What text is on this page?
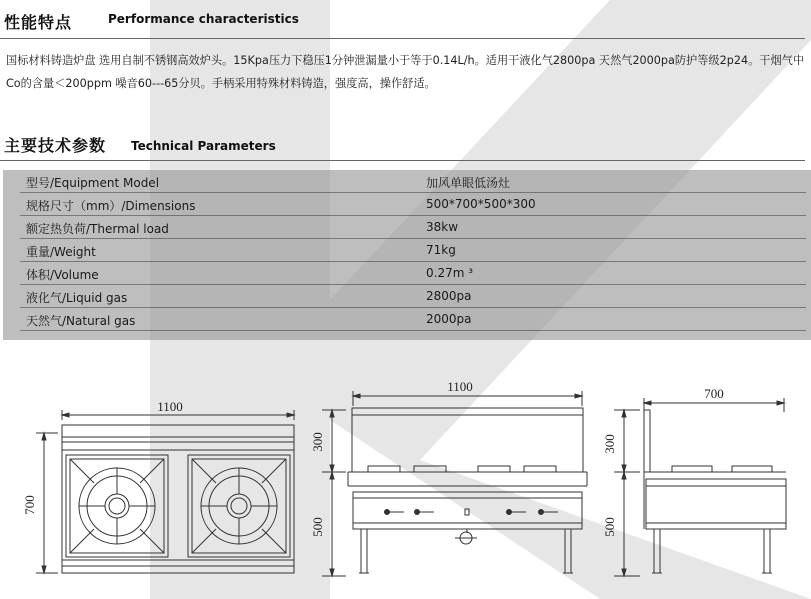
性能特点	Performance characteristics
国标材料铸造炉盘 选用自制不锈钢高效炉头。15Kpa压力下稳压1分钟泄漏量小于等于0.14L/h。适用干液化气2800pa 天然气2000pa防护等级2p24。干烟气中Co的含量＜200ppm 噪音60---65分贝。手柄采用特殊材料铸造，强度高，操作舒适。
主要技术参数 Technical Parameters
型号/Equipment Model	加风单眼低汤灶
规格尺寸（mm）/Dimensions	500*700*500*300
额定热负荷/Thermal load	38kw
重量/Weight	71kg
体积/Volume	0.27m ³
液化气/Liquid gas	2800pa
天然气/Natural gas	2000pa
1100
700
1100
300
500
700
300
500
